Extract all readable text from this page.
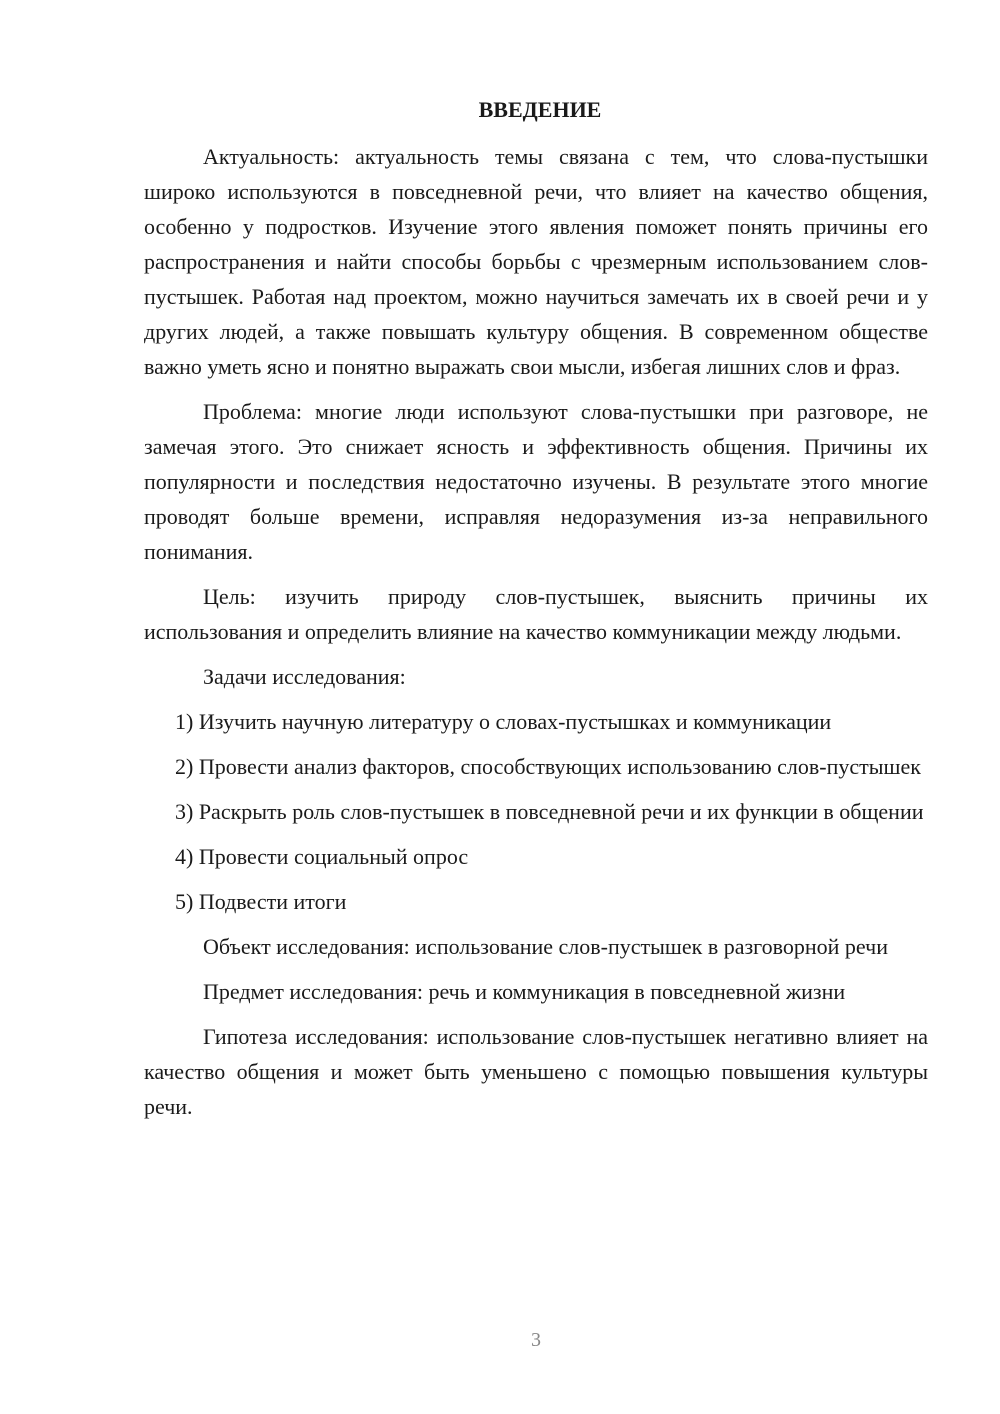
ВВЕДЕНИЕ

Актуальность: актуальность темы связана с тем, что слова-пустышки широко используются в повседневной речи, что влияет на качество общения, особенно у подростков. Изучение этого явления поможет понять причины его распространения и найти способы борьбы с чрезмерным использованием слов-пустышек. Работая над проектом, можно научиться замечать их в своей речи и у других людей, а также повышать культуру общения. В современном обществе важно уметь ясно и понятно выражать свои мысли, избегая лишних слов и фраз.

Проблема: многие люди используют слова-пустышки при разговоре, не замечая этого. Это снижает ясность и эффективность общения. Причины их популярности и последствия недостаточно изучены. В результате этого многие проводят больше времени, исправляя недоразумения из-за неправильного понимания.

Цель: изучить природу слов-пустышек, выяснить причины их использования и определить влияние на качество коммуникации между людьми.

Задачи исследования:

1) Изучить научную литературу о словах-пустышках и коммуникации

2) Провести анализ факторов, способствующих использованию слов-пустышек

3) Раскрыть роль слов-пустышек в повседневной речи и их функции в общении

4) Провести социальный опрос

5) Подвести итоги

Объект исследования: использование слов-пустышек в разговорной речи

Предмет исследования: речь и коммуникация в повседневной жизни

Гипотеза исследования: использование слов-пустышек негативно влияет на качество общения и может быть уменьшено с помощью повышения культуры речи.

3
